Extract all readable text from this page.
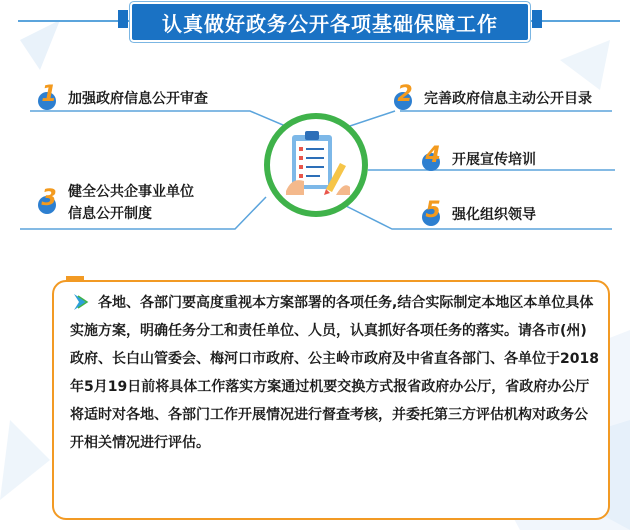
认真做好政务公开各项基础保障工作
1 加强政府信息公开审查	2 完善政府信息主动公开目录
3 健全公共企事业单位
信息公开制度
4 开展宣传培训
5 强化组织领导

各地、各部门要高度重视本方案部署的各项任务,结合实际制定本地区本单位具体实施方案，明确任务分工和责任单位、人员，认真抓好各项任务的落实。请各市(州)政府、长白山管委会、梅河口市政府、公主岭市政府及中省直各部门、各单位于2018年5月19日前将具体工作落实方案通过机要交换方式报省政府办公厅，省政府办公厅将适时对各地、各部门工作开展情况进行督查考核，并委托第三方评估机构对政务公开相关情况进行评估。
